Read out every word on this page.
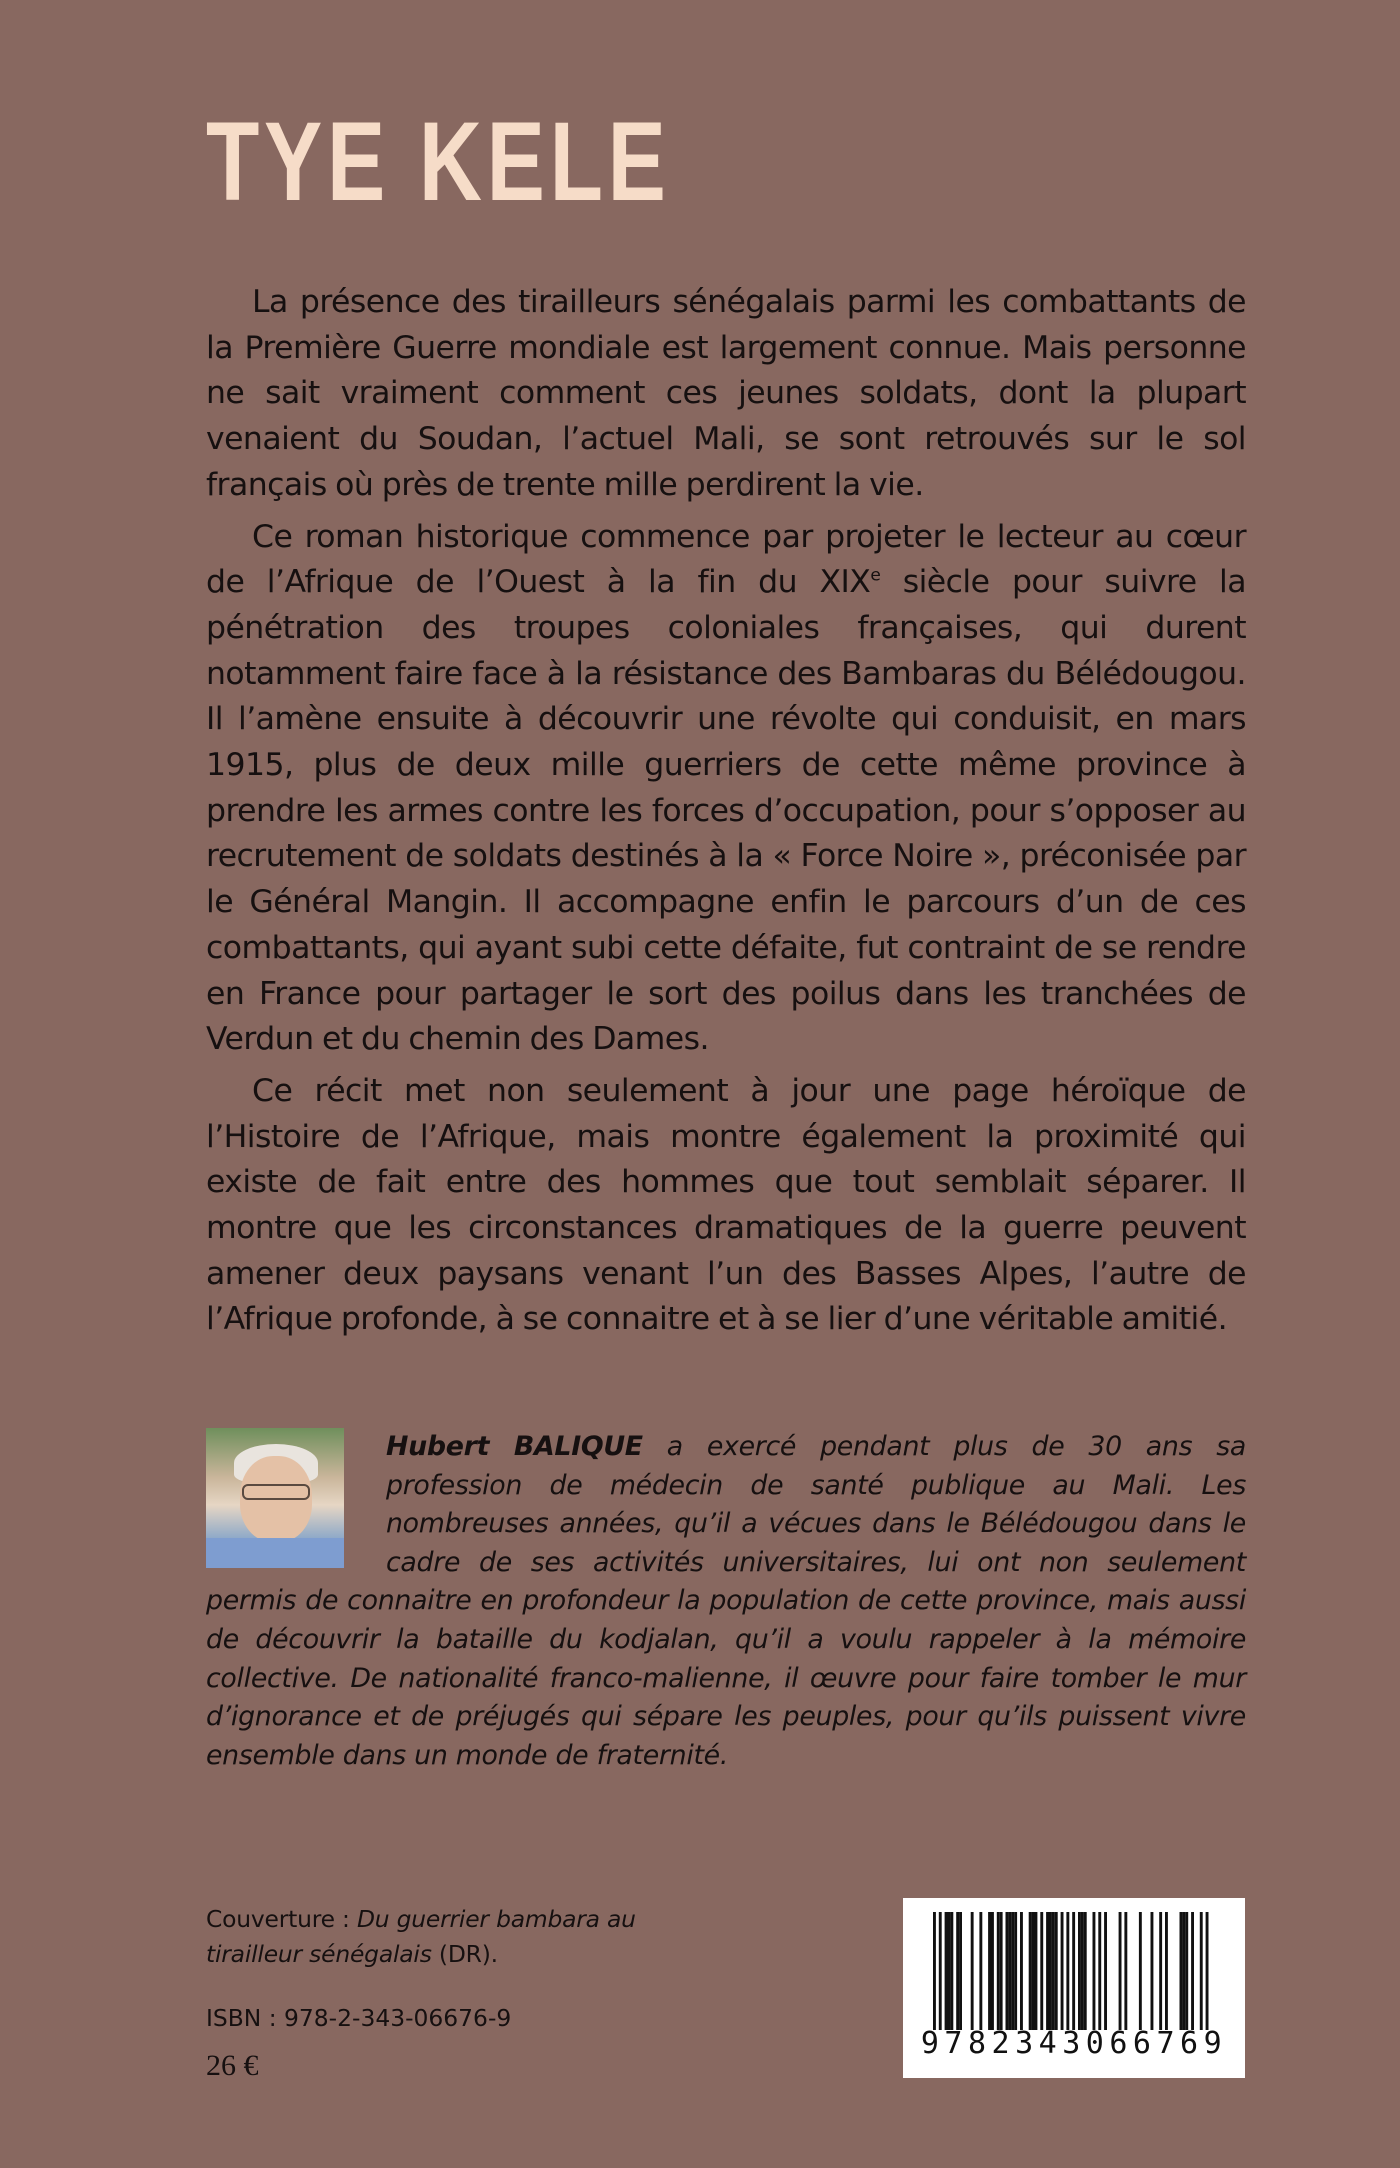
TYE KELE

La présence des tirailleurs sénégalais parmi les combattants de la Première Guerre mondiale est largement connue. Mais personne ne sait vraiment comment ces jeunes soldats, dont la plupart venaient du Soudan, l’actuel Mali, se sont retrouvés sur le sol français où près de trente mille perdirent la vie.

Ce roman historique commence par projeter le lecteur au cœur de l’Afrique de l’Ouest à la fin du XIXe siècle pour suivre la pénétration des troupes coloniales françaises, qui durent notamment faire face à la résistance des Bambaras du Bélédougou. Il l’amène ensuite à découvrir une révolte qui conduisit, en mars 1915, plus de deux mille guerriers de cette même province à prendre les armes contre les forces d’occupation, pour s’opposer au recrutement de soldats destinés à la « Force Noire », préconisée par le Général Mangin. Il accompagne enfin le parcours d’un de ces combattants, qui ayant subi cette défaite, fut contraint de se rendre en France pour partager le sort des poilus dans les tranchées de Verdun et du chemin des Dames.

Ce récit met non seulement à jour une page héroïque de l’Histoire de l’Afrique, mais montre également la proximité qui existe de fait entre des hommes que tout semblait séparer. Il montre que les circonstances dramatiques de la guerre peuvent amener deux paysans venant l’un des Basses Alpes, l’autre de l’Afrique profonde, à se connaitre et à se lier d’une véritable amitié.

Hubert BALIQUE a exercé pendant plus de 30 ans sa profession de médecin de santé publique au Mali. Les nombreuses années, qu’il a vécues dans le Bélédougou dans le cadre de ses activités universitaires, lui ont non seulement permis de connaitre en profondeur la population de cette province, mais aussi de découvrir la bataille du kodjalan, qu’il a voulu rappeler à la mémoire collective. De nationalité franco-malienne, il œuvre pour faire tomber le mur d’ignorance et de préjugés qui sépare les peuples, pour qu’ils puissent vivre ensemble dans un monde de fraternité.
Couverture : Du guerrier bambara au tirailleur sénégalais (DR).
ISBN : 978-2-343-06676-9
26 €
9782343066769
